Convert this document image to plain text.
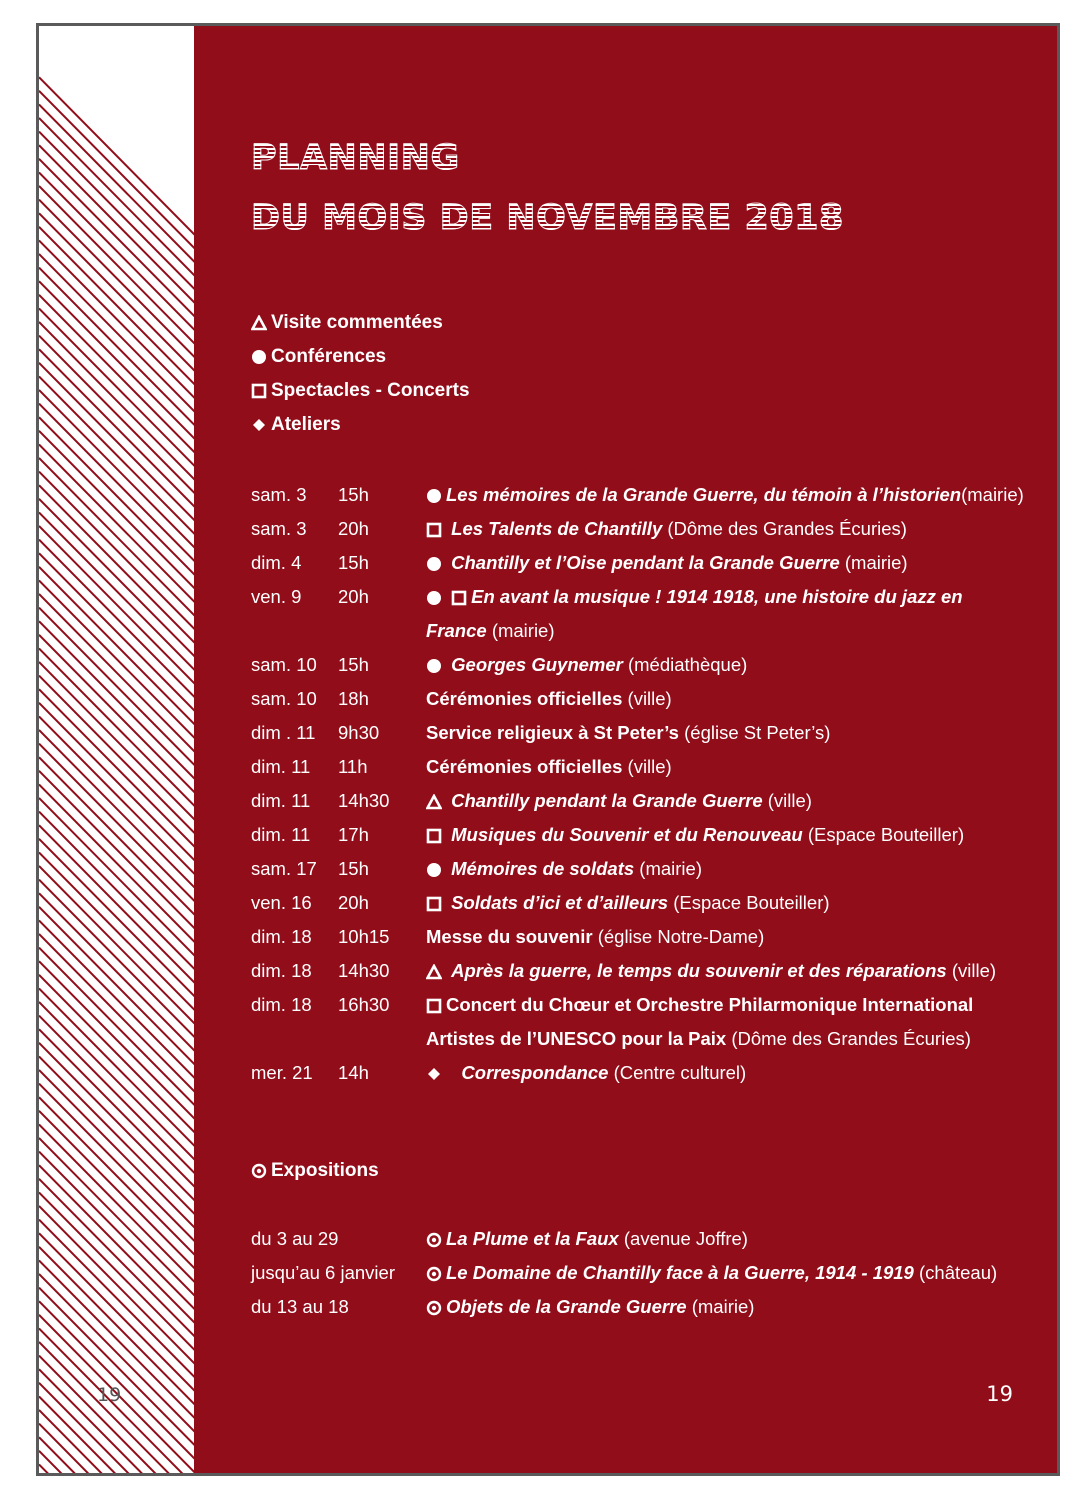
PLANNING
DU MOIS DE NOVEMBRE 2018
Visite commentées
Conférences
Spectacles - Concerts
Ateliers
sam. 3 15h	Les mémoires de la Grande Guerre, du témoin à l’historien(mairie)
sam. 3 20h	Les Talents de Chantilly (Dôme des Grandes Écuries)
dim. 4 15h	Chantilly et l’Oise pendant la Grande Guerre (mairie)
ven. 9 20h
	En avant la musique ! 1914 1918, une histoire du jazz en
France (mairie)
sam. 10 15h	Georges Guynemer (médiathèque)
sam. 10 18h	Cérémonies officielles (ville)
dim . 11 9h30	Service religieux à St Peter’s (église St Peter’s)
dim. 11 11h	Cérémonies officielles (ville)
dim. 11 14h30	Chantilly pendant la Grande Guerre (ville)
dim. 11 17h	Musiques du Souvenir et du Renouveau (Espace Bouteiller)
sam. 17 15h	Mémoires de soldats (mairie)
ven. 16 20h	Soldats d’ici et d’ailleurs (Espace Bouteiller)
dim. 18 10h15 Messe du souvenir (église Notre-Dame)
dim. 18 14h30	Après la guerre, le temps du souvenir et des réparations (ville)
dim. 18 16h30	Concert du Chœur et Orchestre Philarmonique International
Artistes de l’UNESCO pour la Paix (Dôme des Grandes Écuries)
mer. 21 14h	Correspondance (Centre culturel)
Expositions
du 3 au 29	La Plume et la Faux (avenue Joffre)
jusqu’au 6 janvier	Le Domaine de Chantilly face à la Guerre, 1914 - 1919 (château)
du 13 au 18	Objets de la Grande Guerre (mairie)
19
19
